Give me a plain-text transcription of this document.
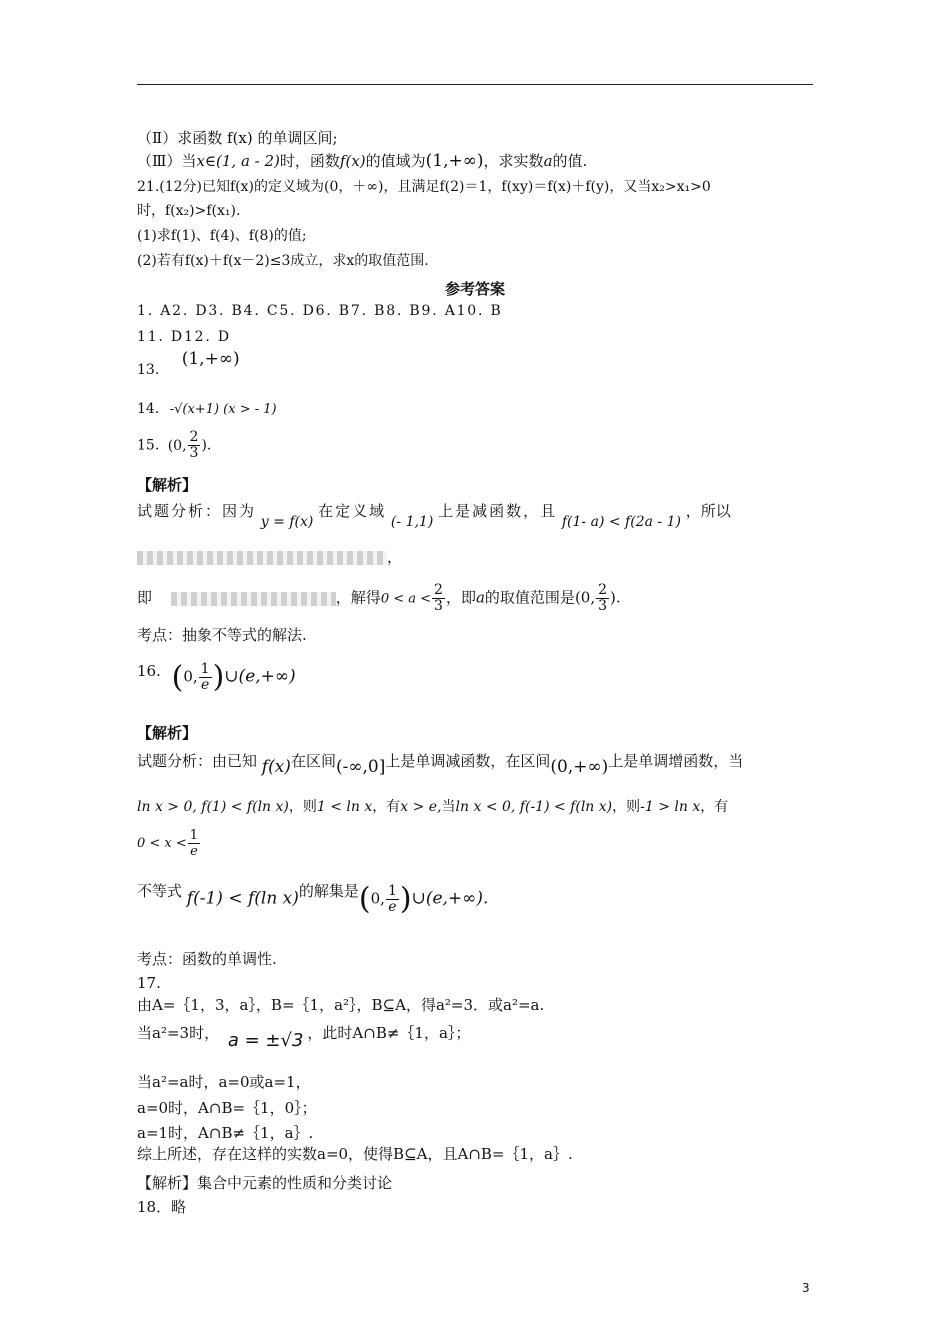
（Ⅱ）求函数 f(x) 的单调区间;
（Ⅲ）当x∈(1, a - 2)时，函数f(x)的值域为(1,+∞)，求实数a的值.
21.(12分)已知f(x)的定义域为(0，＋∞)，且满足f(2)＝1，f(xy)＝f(x)＋f(y)，又当x₂>x₁>0
时，f(x₂)>f(x₁).
(1)求f(1)、f(4)、f(8)的值;
(2)若有f(x)＋f(x－2)≤3成立，求x的取值范围.
参考答案
1. A2. D3. B4. C5. D6. B7. B8. B9. A10. B
11. D12. D
13. (1,+∞)
14. -√(x+1) (x > - 1)
15. (0, $\frac{2}{3}$ ).
【解析】
试题分析：因为 y = f(x) 在定义域 (- 1,1) 上是减函数，且 f(1- a) < f(2a - 1) ，所以
，
即	，解得$0 < a < \frac{2}{3}$ ，即a的取值范围是(0, $\frac{2}{3}$ ).
考点：抽象不等式的解法.
16. (0, $\frac{1}{e}$ )∪(e,+∞)
【解析】
试题分析：由已知 f(x)在区间(-∞,0]上是单调减函数，在区间(0,+∞)上是单调增函数，当
ln x > 0, f(1) < f(ln x)，则1 < ln x，有x > e,当ln x < 0, f(-1) < f(ln x)，则-1 > ln x，有
$0 < x < \frac{1}{e}$
不等式 f(-1) < f(ln x)的解集是(0, $\frac{1}{e}$ )∪(e,+∞).
考点：函数的单调性.
17.
由A=｛1，3，a｝，B=｛1，a²｝，B⊆A，得a²=3．或a²=a.
当a²=3时， a = ±√3 ，此时A∩B≠｛1，a｝；
当a²=a时，a=0或a=1，
a=0时，A∩B=｛1，0｝；
a=1时，A∩B≠｛1，a｝.
综上所述，存在这样的实数a=0，使得B⊆A，且A∩B=｛1，a｝.
【解析】集合中元素的性质和分类讨论
18．略
3
